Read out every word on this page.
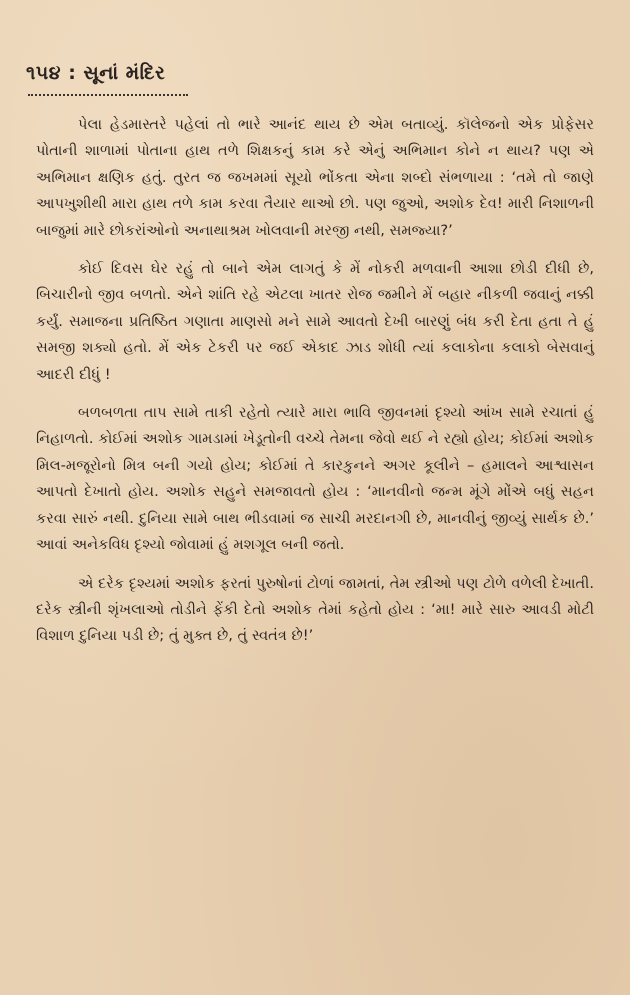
૧૫૪ : સૂનાં મંદિર

પેલા હેડમાસ્તરે પહેલાં તો ભારે આનંદ થાય છે એમ બતાવ્યું. કૉલેજનો એક પ્રોફેસર પોતાની શાળામાં પોતાના હાથ તળે શિક્ષકનું કામ કરે એનું અભિમાન કોને ન થાય? પણ એ અભિમાન ક્ષણિક હતું. તુરત જ જખમમાં સૂયો ભોંકતા એના શબ્દો સંભળાયા : ‘તમે તો જાણે આપખુશીથી મારા હાથ તળે કામ કરવા તૈયાર થાઓ છો. પણ જુઓ, અશોક દેવ! મારી નિશાળની બાજુમાં મારે છોકરાંઓનો અનાથાશ્રમ ખોલવાની મરજી નથી, સમજ્યા?’

કોઈ દિવસ ઘેર રહું તો બાને એમ લાગતું કે મેં નોકરી મળવાની આશા છોડી દીધી છે, બિચારીનો જીવ બળતો. એને શાંતિ રહે એટલા ખાતર રોજ જમીને મેં બહાર નીકળી જવાનું નક્કી કર્યું. સમાજના પ્રતિષ્ઠિત ગણાતા માણસો મને સામે આવતો દેખી બારણું બંધ કરી દેતા હતા તે હું સમજી શક્યો હતો. મેં એક ટેકરી પર જઈ એકાદ ઝાડ શોધી ત્યાં કલાકોના કલાકો બેસવાનું આદરી દીધું !

બળબળતા તાપ સામે તાકી રહેતો ત્યારે મારા ભાવિ જીવનમાં દૃશ્યો આંખ સામે રચાતાં હું નિહાળતો. કોઈમાં અશોક ગામડામાં ખેડૂતોની વચ્ચે તેમના જેવો થઈ ને રહ્યો હોય; કોઈમાં અશોક મિલ-મજૂરોનો મિત્ર બની ગયો હોય; કોઈમાં તે કારકુનને અગર કૂલીને – હમાલને આશ્વાસન આપતો દેખાતો હોય. અશોક સહુને સમજાવતો હોય : ‘માનવીનો જન્મ મૂંગે મોંએ બધું સહન કરવા સારું નથી. દુનિયા સામે બાથ ભીડવામાં જ સાચી મરદાનગી છે, માનવીનું જીવ્યું સાર્થક છે.’ આવાં અનેકવિધ દૃશ્યો જોવામાં હું મશગૂલ બની જતો.

એ દરેક દૃશ્યમાં અશોક ફરતાં પુરુષોનાં ટોળાં જામતાં, તેમ સ્ત્રીઓ પણ ટોળે વળેલી દેખાતી. દરેક સ્ત્રીની શૃંખલાઓ તોડીને ફેંકી દેતો અશોક તેમાં કહેતો હોય : ‘મા! મારે સારુ આવડી મોટી વિશાળ દુનિયા પડી છે; તું મુક્ત છે, તું સ્વતંત્ર છે!’
